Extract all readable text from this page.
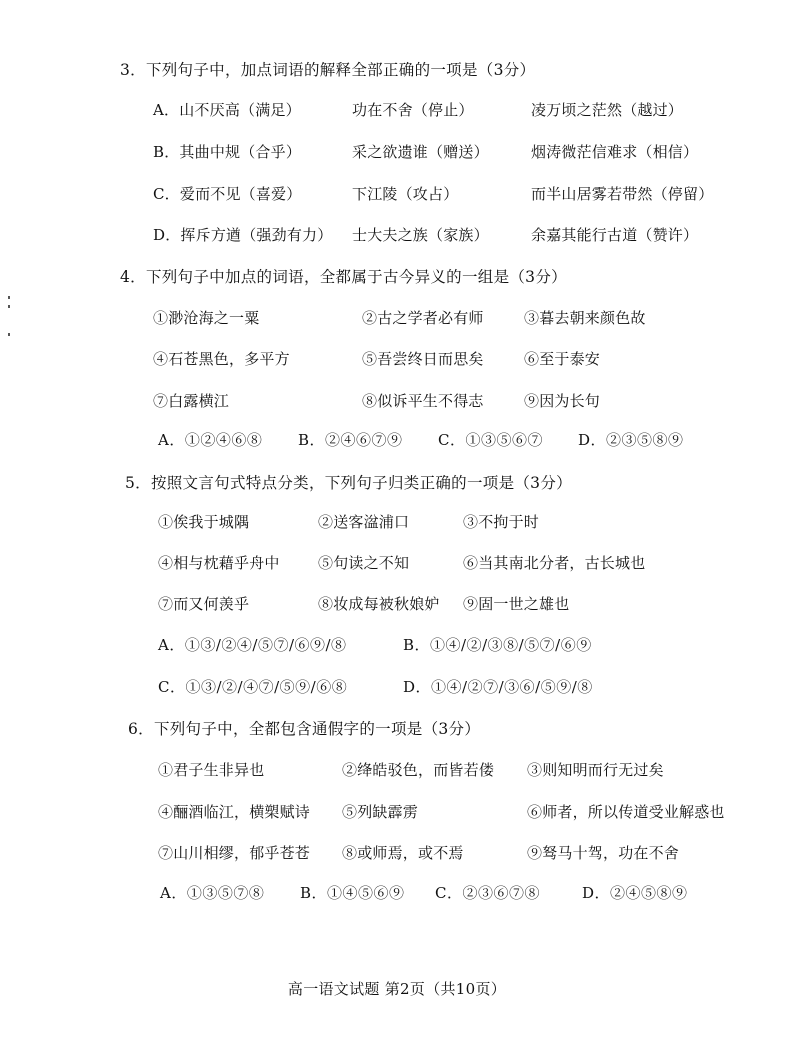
3．下列句子中，加点词语的解释全部正确的一项是（3分）
A．山不厌高（满足）	功在不舍（停止）	凌万顷之茫然（越过）
B．其曲中规（合乎）	采之欲遗谁（赠送）	烟涛微茫信难求（相信）
C．爱而不见（喜爱）	下江陵（攻占）	而半山居雾若带然（停留）
D．挥斥方遒（强劲有力） 士大夫之族（家族）	余嘉其能行古道（赞许）
4．下列句子中加点的词语，全都属于古今异义的一组是（3分）
①渺沧海之一粟	②古之学者必有师	③暮去朝来颜色故
④石苍黑色，多平方	⑤吾尝终日而思矣	⑥至于泰安
⑦白露横江	⑧似诉平生不得志	⑨因为长句
A．①②④⑥⑧ B．②④⑥⑦⑨ C．①③⑤⑥⑦ D．②③⑤⑧⑨
5．按照文言句式特点分类，下列句子归类正确的一项是（3分）
①俟我于城隅	②送客湓浦口	③不拘于时
④相与枕藉乎舟中	⑤句读之不知	⑥当其南北分者，古长城也
⑦而又何羡乎	⑧妆成每被秋娘妒 ⑨固一世之雄也
A．①③/②④/⑤⑦/⑥⑨/⑧	B．①④/②/③⑧/⑤⑦/⑥⑨
C．①③/②/④⑦/⑤⑨/⑥⑧	D．①④/②⑦/③⑥/⑤⑨/⑧
6．下列句子中，全都包含通假字的一项是（3分）
①君子生非异也	②绛皓驳色，而皆若偻 ③则知明而行无过矣
④酾酒临江，横槊赋诗 ⑤列缺霹雳	⑥师者，所以传道受业解惑也
⑦山川相缪，郁乎苍苍 ⑧或师焉，或不焉	⑨驽马十驾，功在不舍
A．①③⑤⑦⑧ B．①④⑤⑥⑨ C．②③⑥⑦⑧	D．②④⑤⑧⑨
高一语文试题 第2页（共10页）
